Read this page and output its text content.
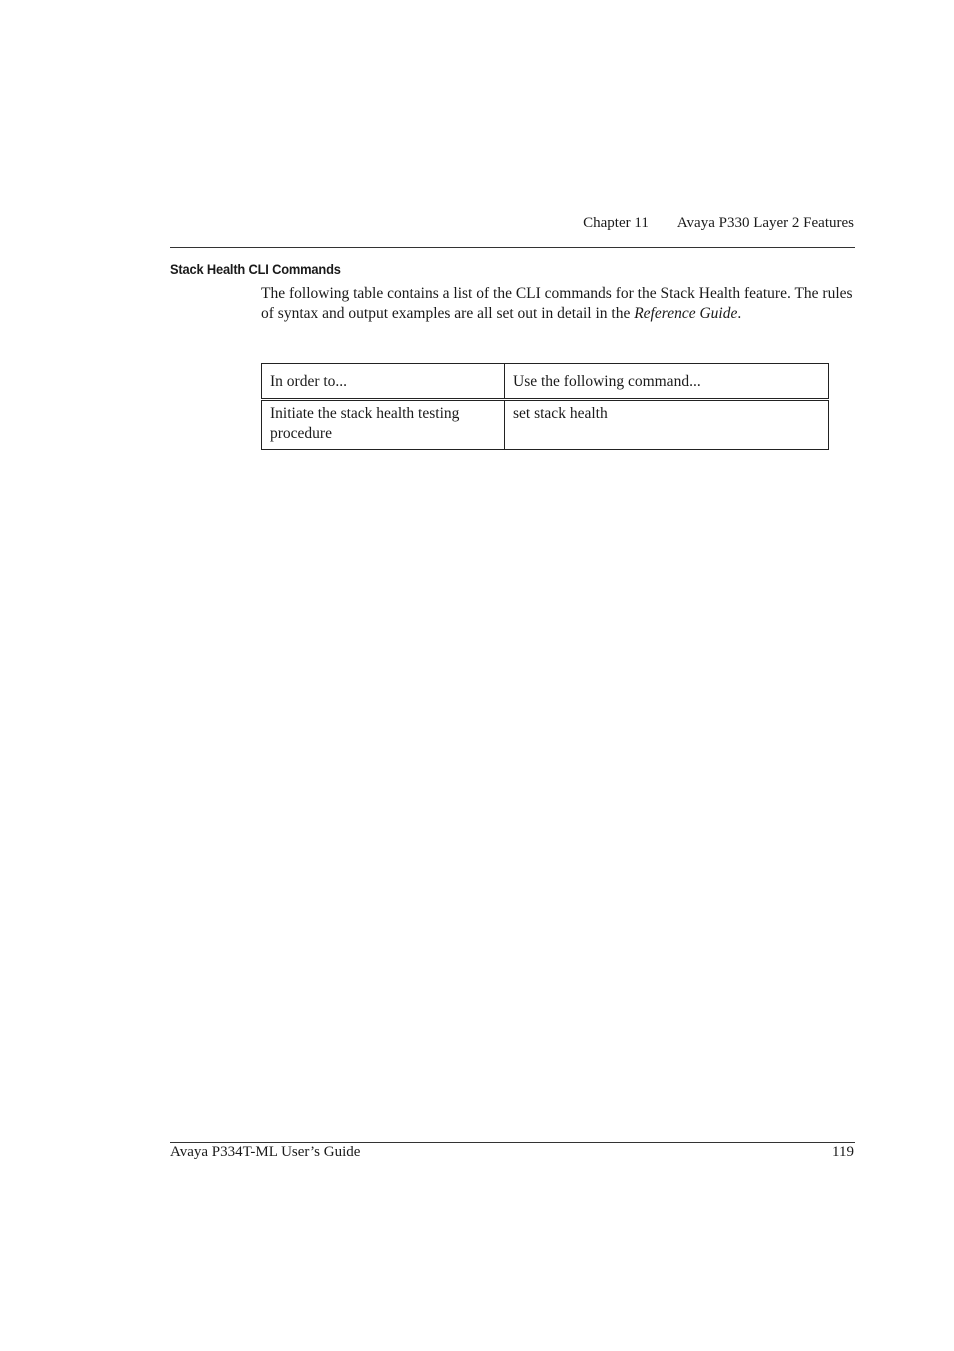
Chapter 11 Avaya P330 Layer 2 Features
Stack Health CLI Commands

The following table contains a list of the CLI commands for the Stack Health feature. The rules of syntax and output examples are all set out in detail in the Reference Guide.

In order to...	Use the following command...
Initiate the stack health testing procedure	set stack health
Avaya P334T-ML User’s Guide	119
